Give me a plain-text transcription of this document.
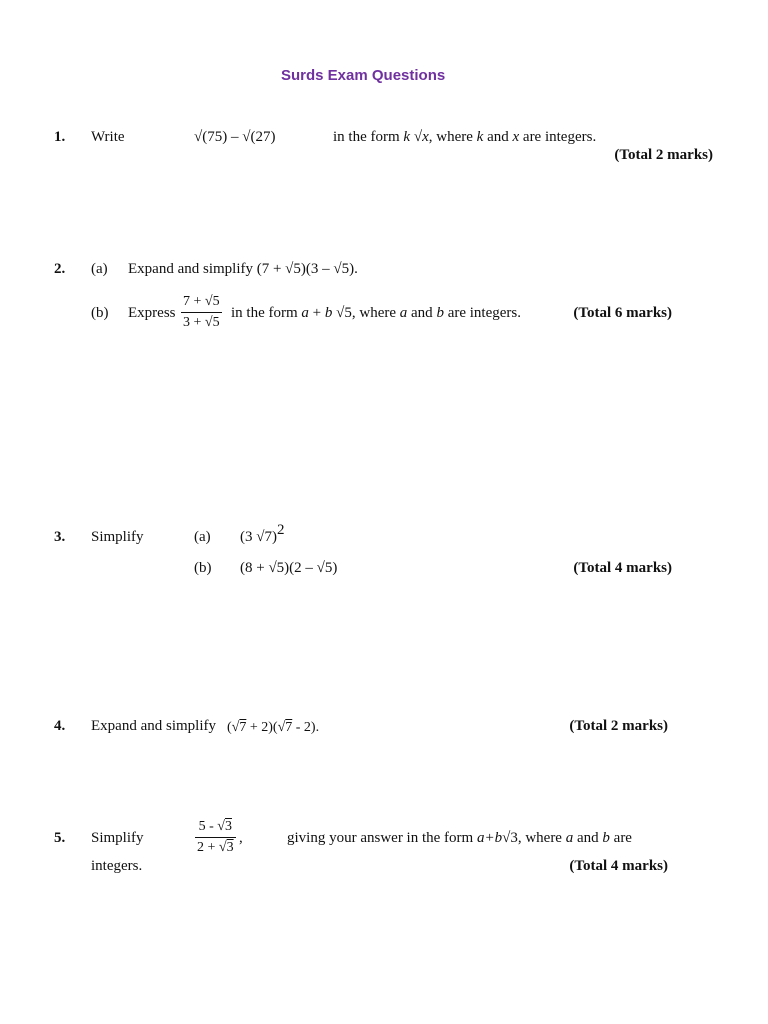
Surds Exam Questions
1. Write	√(75) – √(27)	in the form k √x, where k and x are integers.
(Total 2 marks)
2. (a) Expand and simplify (7 + √5)(3 – √5).
(b) Express $\frac{7 + √5}{3 + √5}$ in the form a + b √5, where a and b are integers.	(Total 6 marks)
3. Simplify	(a) (3 √7)2
(b) (8 + √5)(2 – √5)	(Total 4 marks)
4. Expand and simplify (√7 + 2)(√7 - 2).	(Total 2 marks)
5. Simplify	$\frac{5 - √3}{2 + √3}$ ,	giving your answer in the form a+b√3, where a and b are
integers.	(Total 4 marks)
